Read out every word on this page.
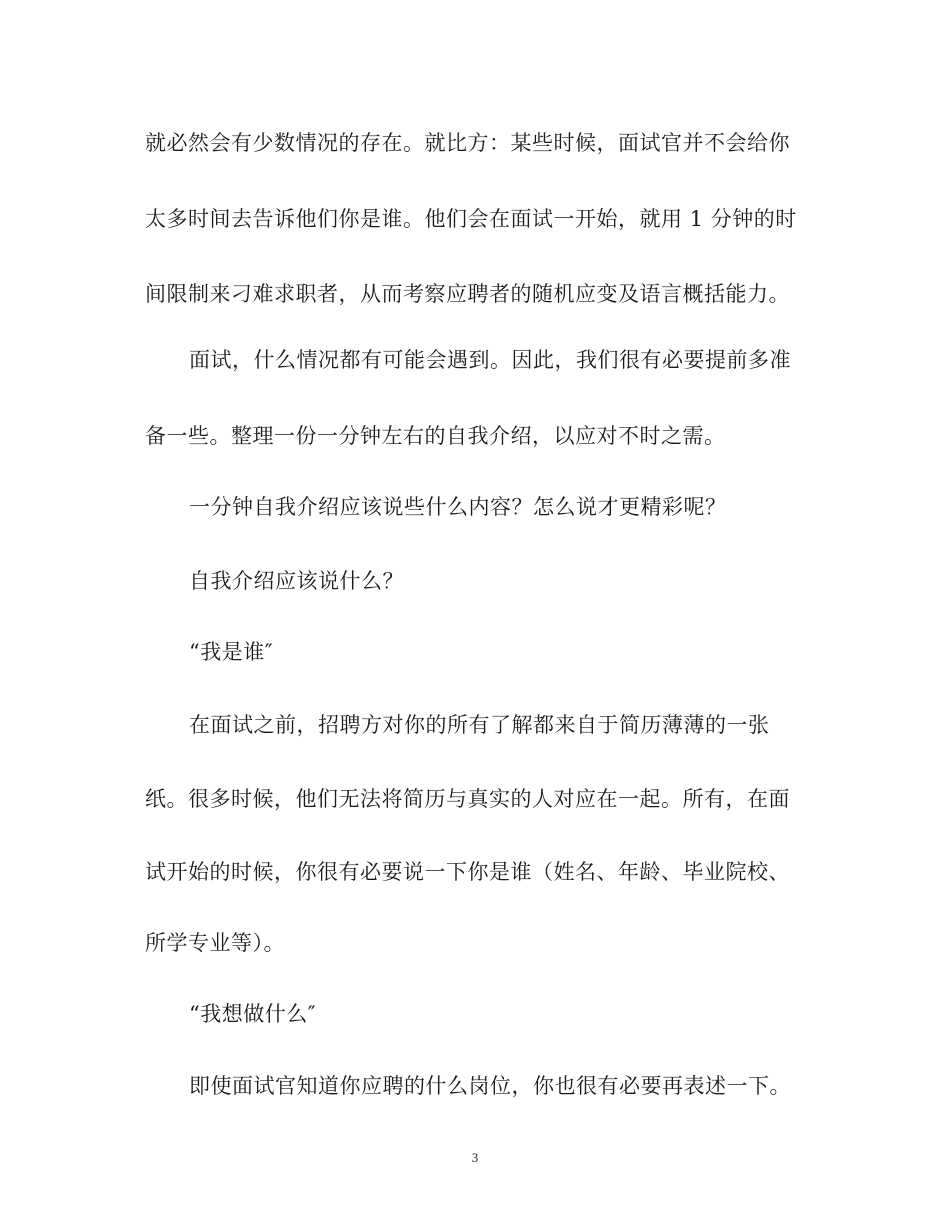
就必然会有少数情况的存在。就比方：某些时候，面试官并不会给你
太多时间去告诉他们你是谁。他们会在面试一开始，就用 1 分钟的时
间限制来刁难求职者，从而考察应聘者的随机应变及语言概括能力。
面试，什么情况都有可能会遇到。因此，我们很有必要提前多准
备一些。整理一份一分钟左右的自我介绍，以应对不时之需。
一分钟自我介绍应该说些什么内容？怎么说才更精彩呢？
自我介绍应该说什么？
“我是谁″
在面试之前，招聘方对你的所有了解都来自于简历薄薄的一张
纸。很多时候，他们无法将简历与真实的人对应在一起。所有，在面
试开始的时候，你很有必要说一下你是谁（姓名、年龄、毕业院校、
所学专业等）。
“我想做什么″
即使面试官知道你应聘的什么岗位，你也很有必要再表述一下。
3
